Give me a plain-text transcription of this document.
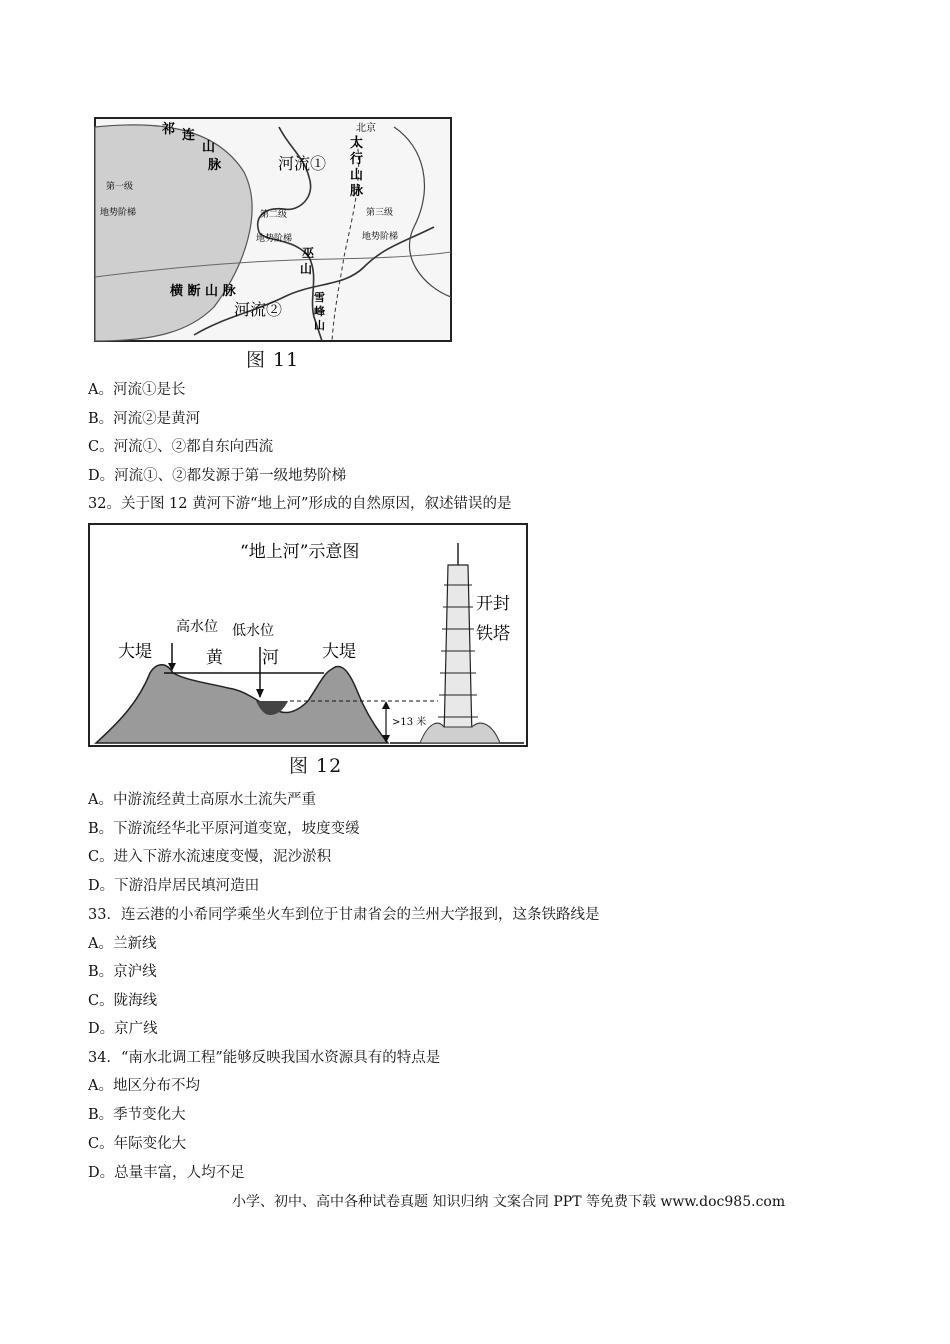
祁 连
山
脉
北京
太
行
山
脉
河流①
第一级
地势阶梯	第二级
地势阶梯
第三级
地势阶梯
巫
山
横 断 山 脉
河流②
雪
峰
山
图 11
A。河流①是长
B。河流②是黄河
C。河流①、②都自东向西流
D。河流①、②都发源于第一级地势阶梯
32。关于图 12 黄河下游“地上河”形成的自然原因，叙述错误的是
“地上河”示意图
高水位 低水位
大堤	大堤
黄 河
开封
铁塔
>13 米
图 12
A。中游流经黄土高原水土流失严重
B。下游流经华北平原河道变宽，坡度变缓
C。进入下游水流速度变慢，泥沙淤积
D。下游沿岸居民填河造田
33．连云港的小希同学乘坐火车到位于甘肃省会的兰州大学报到，这条铁路线是
A。兰新线
B。京沪线
C。陇海线
D。京广线
34．“南水北调工程”能够反映我国水资源具有的特点是
A。地区分布不均
B。季节变化大
C。年际变化大
D。总量丰富，人均不足
小学、初中、高中各种试卷真题 知识归纳 文案合同 PPT 等免费下载 www.doc985.com
